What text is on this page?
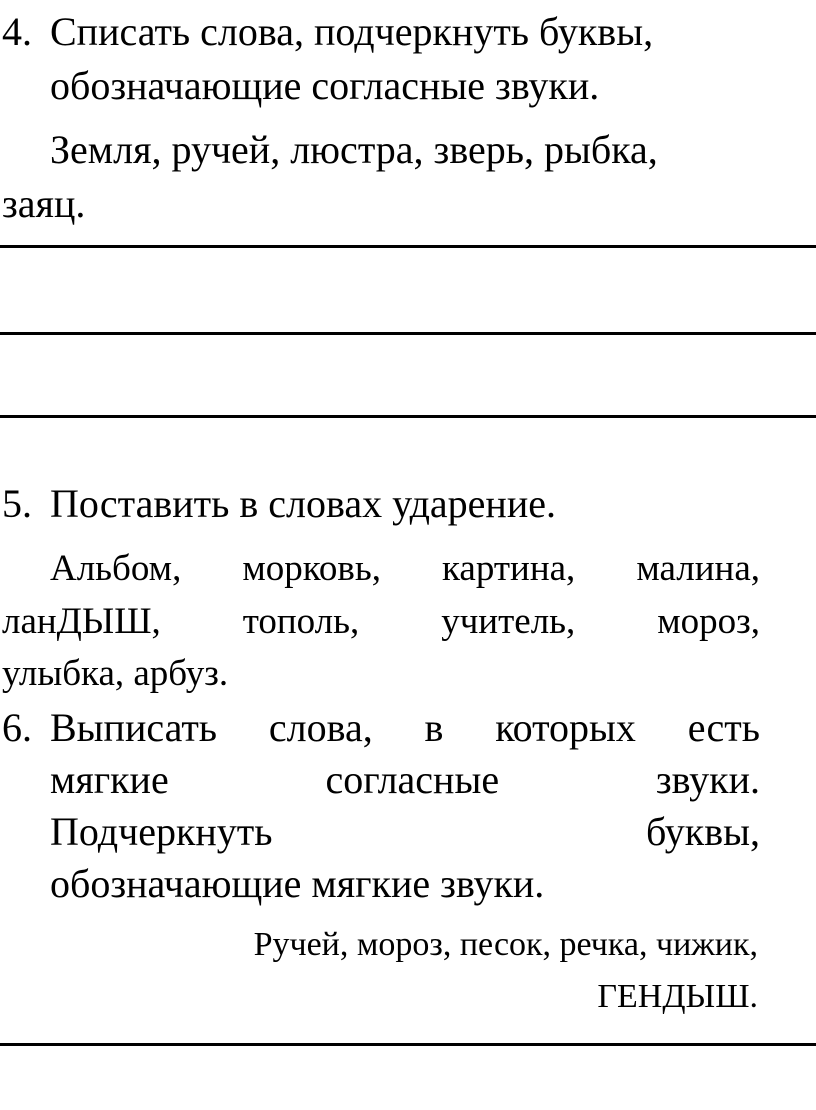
4. Списать слова, подчеркнуть буквы,
обозначающие согласные звуки.
Земля, ручей, люстра, зверь, рыбка,
заяц.
5. Поставить в словах ударение.
Альбом, морковь, картина, малина,
ланДЫШ, тополь, учитель, мороз,
улыбка, арбуз.
6. Выписать слова, в которых есть
мягкие	согласные	звуки.
Подчеркнуть	буквы,
обозначающие мягкие звуки.
Ручей, мороз, песок, речка, чижик,
ГЕНДЫШ.
